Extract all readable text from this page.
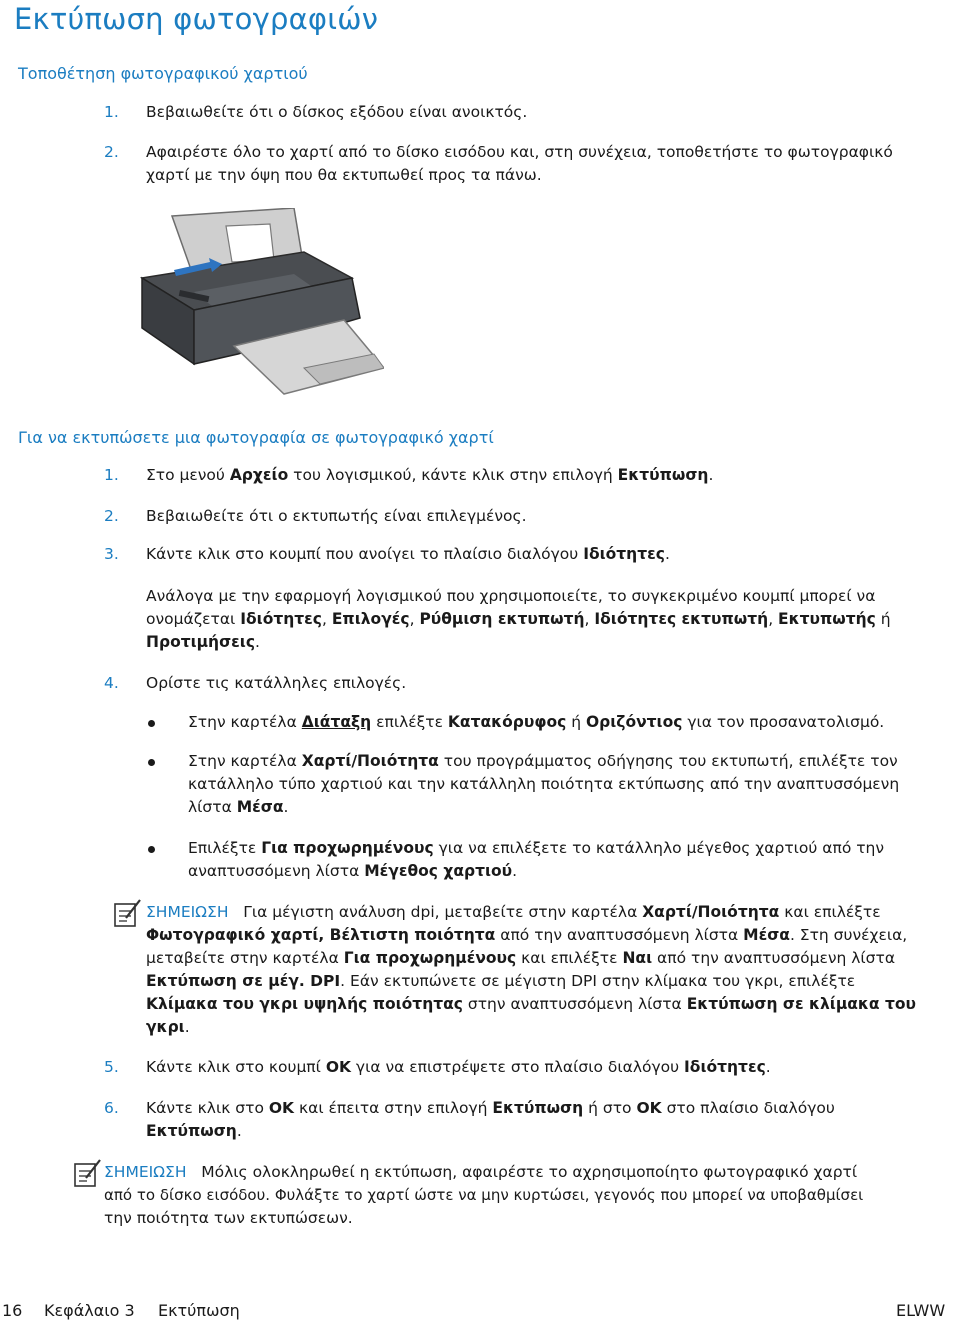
Εκτύπωση φωτογραφιών
Τοποθέτηση φωτογραφικού χαρτιού
1. Βεβαιωθείτε ότι ο δίσκος εξόδου είναι ανοικτός.
2. Αφαιρέστε όλο το χαρτί από το δίσκο εισόδου και, στη συνέχεια, τοποθετήστε το φωτογραφικό
χαρτί με την όψη που θα εκτυπωθεί προς τα πάνω.
Για να εκτυπώσετε μια φωτογραφία σε φωτογραφικό χαρτί
1. Στο μενού Αρχείο του λογισμικού, κάντε κλικ στην επιλογή Εκτύπωση.
2. Βεβαιωθείτε ότι ο εκτυπωτής είναι επιλεγμένος.
3. Κάντε κλικ στο κουμπί που ανοίγει το πλαίσιο διαλόγου Ιδιότητες.
Ανάλογα με την εφαρμογή λογισμικού που χρησιμοποιείτε, το συγκεκριμένο κουμπί μπορεί να
ονομάζεται Ιδιότητες, Επιλογές, Ρύθμιση εκτυπωτή, Ιδιότητες εκτυπωτή, Εκτυπωτής ή
Προτιμήσεις.
4. Ορίστε τις κατάλληλες επιλογές.
Στην καρτέλα Διάταξη επιλέξτε Κατακόρυφος ή Οριζόντιος για τον προσανατολισμό.
Στην καρτέλα Χαρτί/Ποιότητα του προγράμματος οδήγησης του εκτυπωτή, επιλέξτε τον
κατάλληλο τύπο χαρτιού και την κατάλληλη ποιότητα εκτύπωσης από την αναπτυσσόμενη
λίστα Μέσα.
Επιλέξτε Για προχωρημένους για να επιλέξετε το κατάλληλο μέγεθος χαρτιού από την
αναπτυσσόμενη λίστα Μέγεθος χαρτιού.
ΣΗΜΕΙΩΣΗ Για μέγιστη ανάλυση dpi, μεταβείτε στην καρτέλα Χαρτί/Ποιότητα και επιλέξτε
Φωτογραφικό χαρτί, Βέλτιστη ποιότητα από την αναπτυσσόμενη λίστα Μέσα. Στη συνέχεια,
μεταβείτε στην καρτέλα Για προχωρημένους και επιλέξτε Ναι από την αναπτυσσόμενη λίστα
Εκτύπωση σε μέγ. DPI. Εάν εκτυπώνετε σε μέγιστη DPI στην κλίμακα του γκρι, επιλέξτε
Κλίμακα του γκρι υψηλής ποιότητας στην αναπτυσσόμενη λίστα Εκτύπωση σε κλίμακα του
γκρι.
5. Κάντε κλικ στο κουμπί OK για να επιστρέψετε στο πλαίσιο διαλόγου Ιδιότητες.
6. Κάντε κλικ στο OK και έπειτα στην επιλογή Εκτύπωση ή στο OK στο πλαίσιο διαλόγου
Εκτύπωση.
ΣΗΜΕΙΩΣΗ Μόλις ολοκληρωθεί η εκτύπωση, αφαιρέστε το αχρησιμοποίητο φωτογραφικό χαρτί
από το δίσκο εισόδου. Φυλάξτε το χαρτί ώστε να μην κυρτώσει, γεγονός που μπορεί να υποβαθμίσει
την ποιότητα των εκτυπώσεων.
16 Κεφάλαιο 3 Εκτύπωση	ELWW
